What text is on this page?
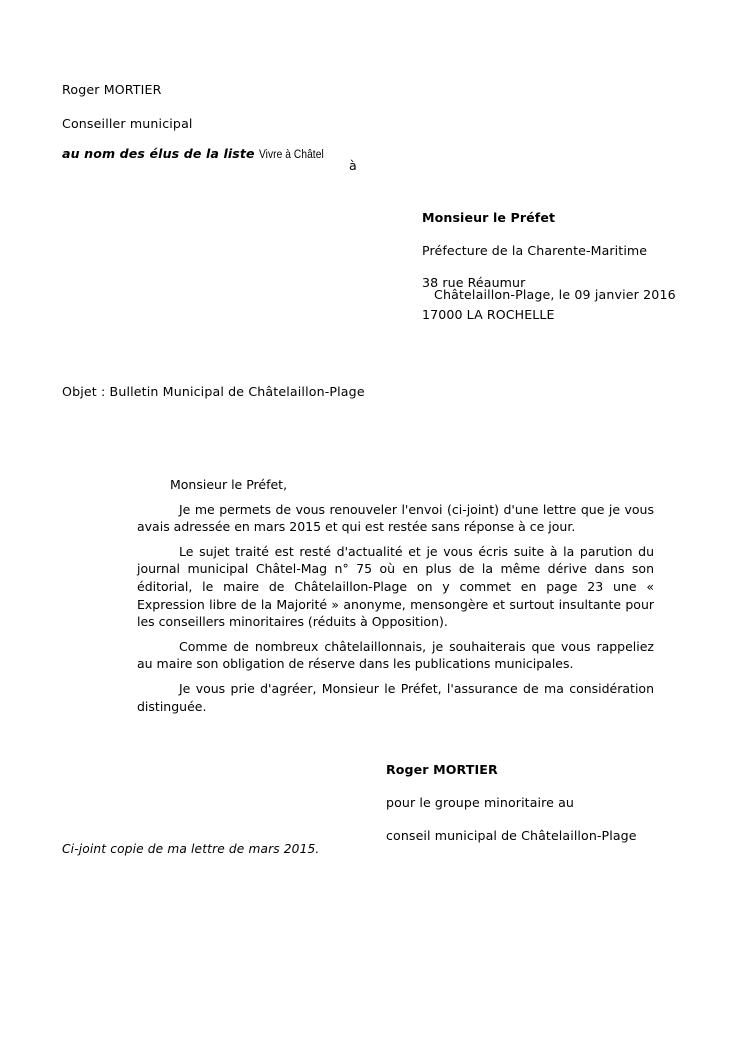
Roger MORTIER

Conseiller municipal

au nom des élus de la liste Vivre à Châtel

à

Monsieur le Préfet

Préfecture de la Charente-Maritime

38 rue Réaumur

17000 LA ROCHELLE

Châtelaillon-Plage, le 09 janvier 2016
Objet : Bulletin Municipal de Châtelaillon-Plage

Monsieur le Préfet,

Je me permets de vous renouveler l'envoi (ci-joint) d'une lettre que je vous avais adressée en mars 2015 et qui est restée sans réponse à ce jour.

Le sujet traité est resté d'actualité et je vous écris suite à la parution du journal municipal Châtel-Mag n° 75 où en plus de la même dérive dans son éditorial, le maire de Châtelaillon-Plage on y commet en page 23 une « Expression libre de la Majorité » anonyme, mensongère et surtout insultante pour les conseillers minoritaires (réduits à Opposition).

Comme de nombreux châtelaillonnais, je souhaiterais que vous rappeliez au maire son obligation de réserve dans les publications municipales.

Je vous prie d'agréer, Monsieur le Préfet, l'assurance de ma considération distinguée.

Roger MORTIER

pour le groupe minoritaire au

conseil municipal de Châtelaillon-Plage

Ci-joint copie de ma lettre de mars 2015.
